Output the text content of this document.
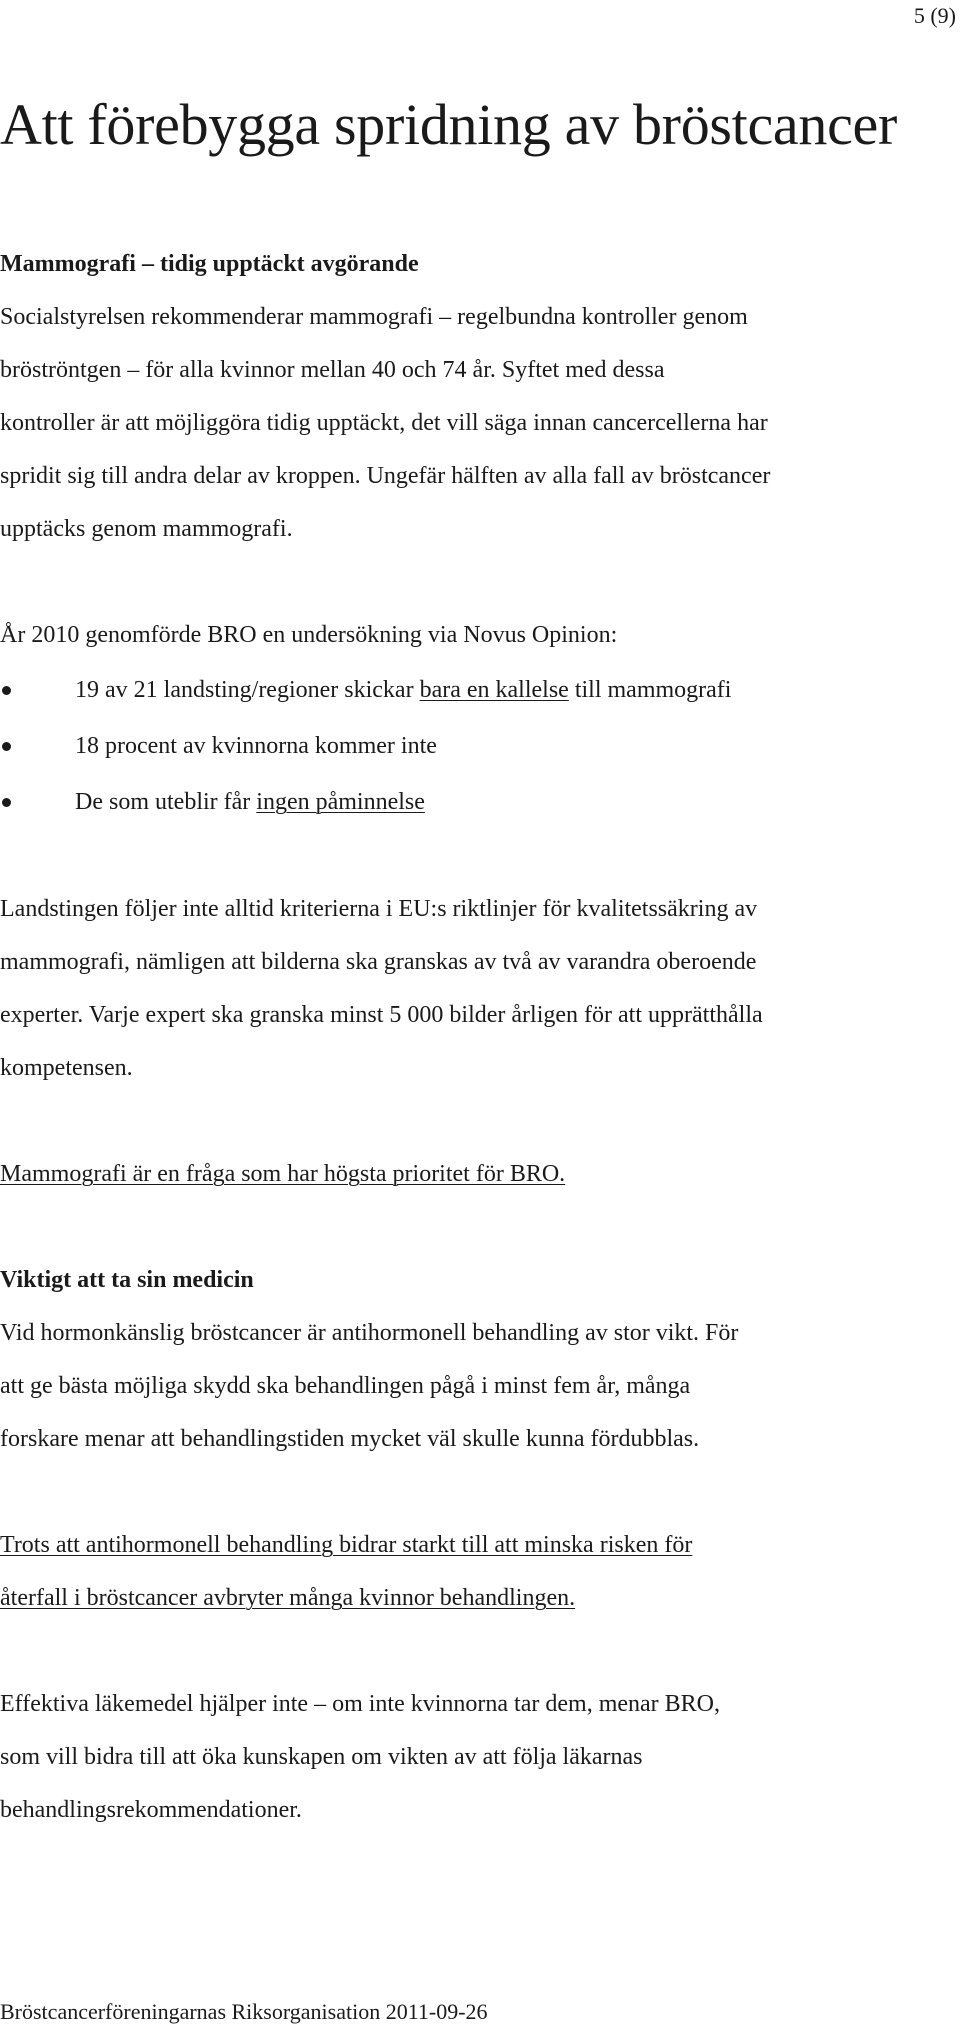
5 (9)
Att förebygga spridning av bröstcancer

Mammografi – tidig upptäckt avgörande

Socialstyrelsen rekommenderar mammografi – regelbundna kontroller genom

bröströntgen – för alla kvinnor mellan 40 och 74 år. Syftet med dessa

kontroller är att möjliggöra tidig upptäckt, det vill säga innan cancercellerna har

spridit sig till andra delar av kroppen. Ungefär hälften av alla fall av bröstcancer

upptäcks genom mammografi.

År 2010 genomförde BRO en undersökning via Novus Opinion:

19 av 21 landsting/regioner skickar bara en kallelse till mammografi
18 procent av kvinnorna kommer inte
De som uteblir får ingen påminnelse

Landstingen följer inte alltid kriterierna i EU:s riktlinjer för kvalitetssäkring av

mammografi, nämligen att bilderna ska granskas av två av varandra oberoende

experter. Varje expert ska granska minst 5 000 bilder årligen för att upprätthålla

kompetensen.

Mammografi är en fråga som har högsta prioritet för BRO.

Viktigt att ta sin medicin

Vid hormonkänslig bröstcancer är antihormonell behandling av stor vikt. För

att ge bästa möjliga skydd ska behandlingen pågå i minst fem år, många

forskare menar att behandlingstiden mycket väl skulle kunna fördubblas.

Trots att antihormonell behandling bidrar starkt till att minska risken för

återfall i bröstcancer avbryter många kvinnor behandlingen.

Effektiva läkemedel hjälper inte – om inte kvinnorna tar dem, menar BRO,

som vill bidra till att öka kunskapen om vikten av att följa läkarnas

behandlingsrekommendationer.

Bröstcancerföreningarnas Riksorganisation 2011-09-26
